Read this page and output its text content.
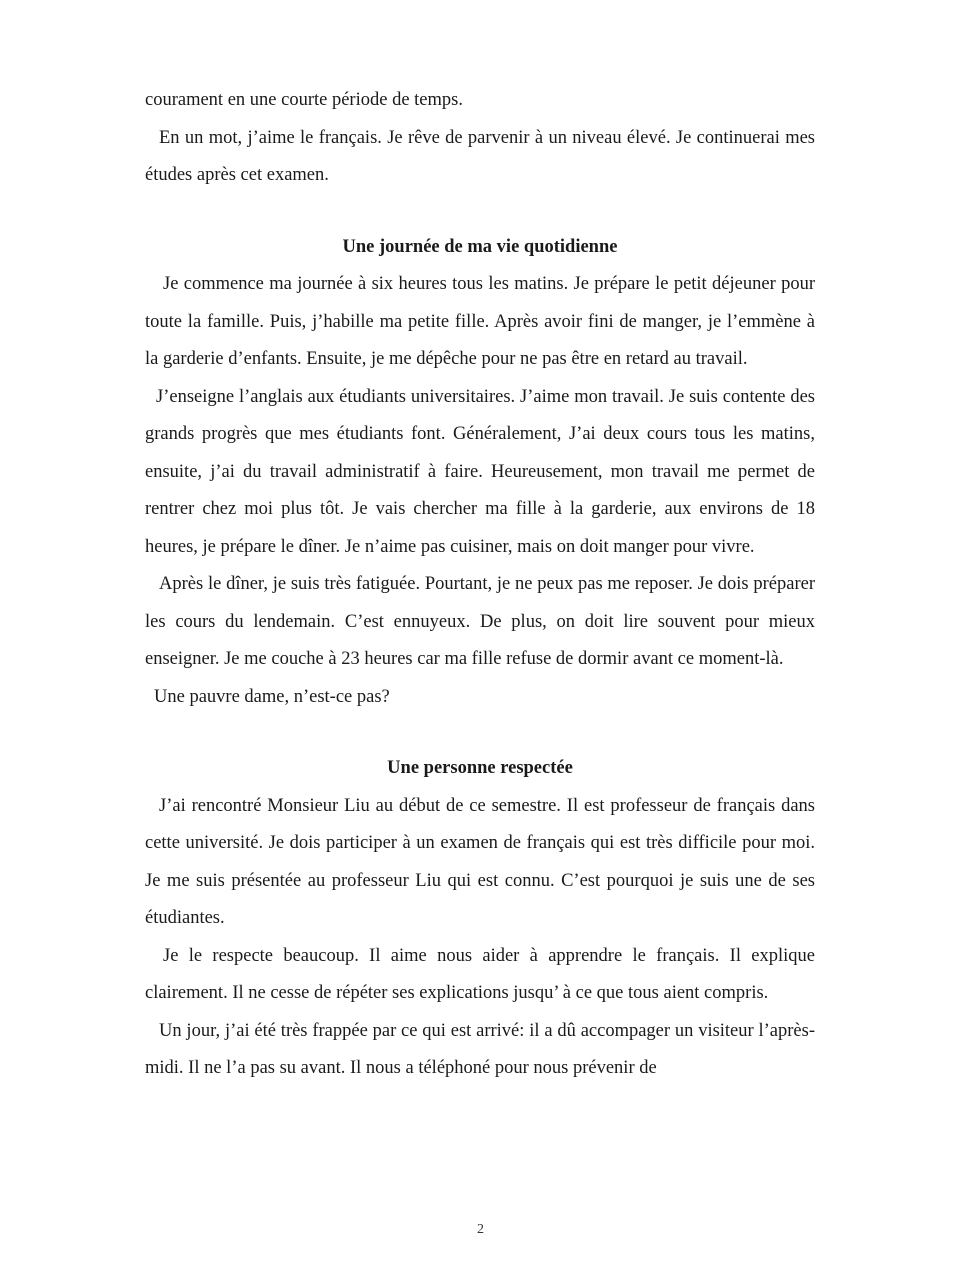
courament en une courte période de temps.

En un mot, j’aime le français. Je rêve de parvenir à un niveau élevé. Je continuerai mes études après cet examen.

Une journée de ma vie quotidienne

Je commence ma journée à six heures tous les matins. Je prépare le petit déjeuner pour toute la famille. Puis, j’habille ma petite fille. Après avoir fini de manger, je l’emmène à la garderie d’enfants. Ensuite, je me dépêche pour ne pas être en retard au travail.

J’enseigne l’anglais aux étudiants universitaires. J’aime mon travail. Je suis contente des grands progrès que mes étudiants font. Généralement, J’ai deux cours tous les matins, ensuite, j’ai du travail administratif à faire. Heureusement, mon travail me permet de rentrer chez moi plus tôt. Je vais chercher ma fille à la garderie, aux environs de 18 heures, je prépare le dîner. Je n’aime pas cuisiner, mais on doit manger pour vivre.

Après le dîner, je suis très fatiguée. Pourtant, je ne peux pas me reposer. Je dois préparer les cours du lendemain. C’est ennuyeux. De plus, on doit lire souvent pour mieux enseigner. Je me couche à 23 heures car ma fille refuse de dormir avant ce moment-là.

Une pauvre dame, n’est-ce pas?

Une personne respectée

J’ai rencontré Monsieur Liu au début de ce semestre. Il est professeur de français dans cette université. Je dois participer à un examen de français qui est très difficile pour moi. Je me suis présentée au professeur Liu qui est connu. C’est pourquoi je suis une de ses étudiantes.

Je le respecte beaucoup. Il aime nous aider à apprendre le français. Il explique clairement. Il ne cesse de répéter ses explications jusqu’ à ce que tous aient compris.

Un jour, j’ai été très frappée par ce qui est arrivé: il a dû accompager un visiteur l’après-midi. Il ne l’a pas su avant. Il nous a téléphoné pour nous prévenir de

2
